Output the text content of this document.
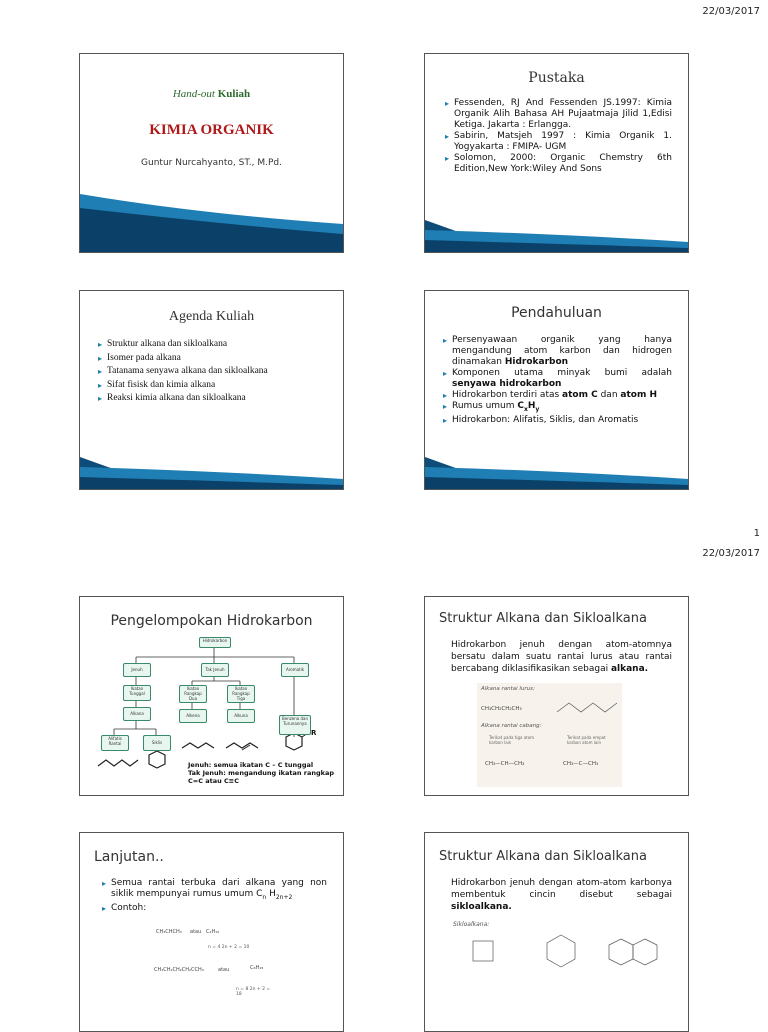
22/03/2017
Hand-out Kuliah
KIMIA ORGANIK
Guntur Nurcahyanto, ST., M.Pd.
Pustaka
▸ Fessenden, RJ And Fessenden JS.1997: Kimia Organik Alih Bahasa AH Pujaatmaja Jilid 1,Edisi Ketiga. Jakarta : Erlangga.
▸ Sabirin, Matsjeh 1997 : Kimia Organik 1. Yogyakarta : FMIPA- UGM
▸ Solomon, 2000: Organic Chemstry 6th Edition,New York:Wiley And Sons
Agenda Kuliah
▸ Struktur alkana dan sikloalkana
▸ Isomer pada alkana
▸ Tatanama senyawa alkana dan sikloalkana
▸ Sifat fisisk dan kimia alkana
▸ Reaksi kimia alkana dan sikloalkana
Pendahuluan
▸ Persenyawaan organik yang hanya mengandung atom karbon dan hidrogen dinamakan Hidrokarbon
▸ Komponen utama minyak bumi adalah senyawa hidrokarbon
▸ Hidrokarbon terdiri atas atom C dan atom H
▸ Rumus umum $C_xH_y$
▸ Hidrokarbon: Alifatis, Siklis, dan Aromatis
1
22/03/2017
Pengelompokan Hidrokarbon
Hidrokarbon
Jenuh	Tak Jenuh	Aromatik
Ikatan Tunggal
Ikatan Rangkap Dua
Ikatan Rangkap Tiga
Alkana	Alkena	Alkuna
Benzena dan Turunannya
Alifatis Rantai	Siklis
R
Jenuh: semua ikatan C – C tunggal
Tak Jenuh: mengandung ikatan rangkap
C=C atau C≡C
Struktur Alkana dan Sikloalkana
Hidrokarbon jenuh dengan atom-atomnya bersatu dalam suatu rantai lurus atau rantai bercabang diklasifikasikan sebagai alkana.
Alkana rantai lurus:
CH₃CH₂CH₂CH₃
Alkana rantai cabang:
Terikat pada tiga atom karbon lain
Terikat pada empat karbon atom lain
CH₃—CH—CH₃	CH₃—C—CH₃
Lanjutan..
▸ Semua rantai terbuka dari alkana yang non siklik mempunyai rumus umum $C_n$ $H_{2n+2}$
▸ Contoh:
CH₃CHCH₃ atau C₄H₁₀
n = 4 2n + 2 = 10
CH₃CH₂CH₂CH₂CCH₃	atau	C₈H₁₈
n = 8 2n + 2 = 18
Struktur Alkana dan Sikloalkana
Hidrokarbon jenuh dengan atom-atom karbonya membentuk cincin disebut sebagai sikloalkana.
Sikloalkana:
